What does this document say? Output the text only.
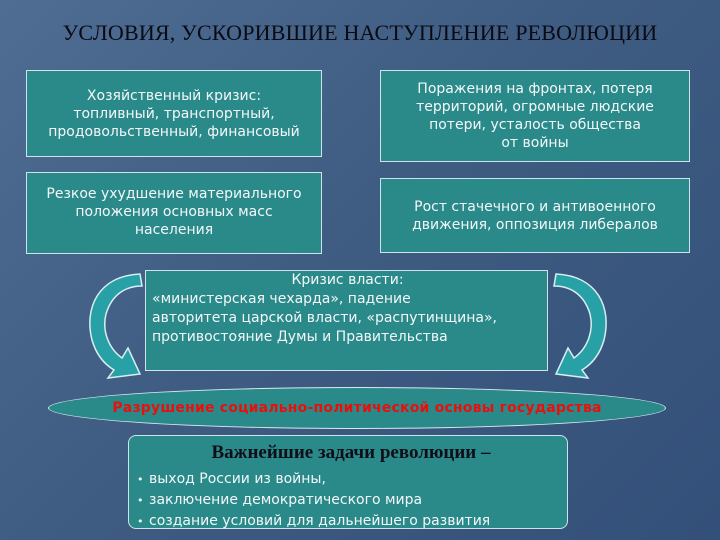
УСЛОВИЯ, УСКОРИВШИЕ НАСТУПЛЕНИЕ РЕВОЛЮЦИИ
Хозяйственный кризис:
топливный, транспортный,
продовольственный, финансовый
Поражения на фронтах, потеря
территорий, огромные людские
потери, усталость общества
от войны
Резкое ухудшение материального
положения основных масс
населения
Рост стачечного и антивоенного
движения, оппозиция либералов
Кризис власти:
«министерская чехарда», падение
авторитета царской власти, «распутинщина»,
противостояние Думы и Правительства
Разрушение социально-политической основы государства
Важнейшие задачи революции –
• выход России из войны,
• заключение демократического мира
• создание условий для дальнейшего развития
